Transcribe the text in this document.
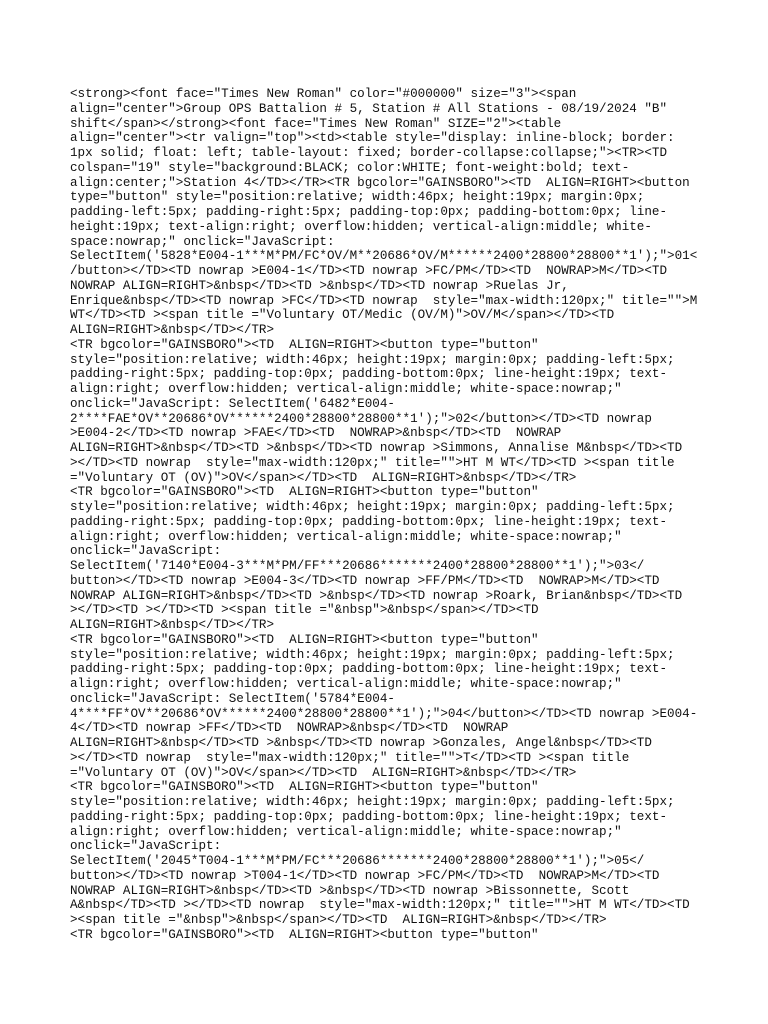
<strong><font face="Times New Roman" color="#000000" size="3"><span
align="center">Group OPS Battalion # 5, Station # All Stations - 08/19/2024 "B"
shift</span></strong><font face="Times New Roman" SIZE="2"><table
align="center"><tr valign="top"><td><table style="display: inline-block; border:
1px solid; float: left; table-layout: fixed; border-collapse:collapse;"><TR><TD
colspan="19" style="background:BLACK; color:WHITE; font-weight:bold; text-
align:center;">Station 4</TD></TR><TR bgcolor="GAINSBORO"><TD  ALIGN=RIGHT><button
type="button" style="position:relative; width:46px; height:19px; margin:0px;
padding-left:5px; padding-right:5px; padding-top:0px; padding-bottom:0px; line-
height:19px; text-align:right; overflow:hidden; vertical-align:middle; white-
space:nowrap;" onclick="JavaScript:
SelectItem('5828*E004-1***M*PM/FC*OV/M**20686*OV/M******2400*28800*28800**1');">01<
/button></TD><TD nowrap >E004-1</TD><TD nowrap >FC/PM</TD><TD  NOWRAP>M</TD><TD
NOWRAP ALIGN=RIGHT>&nbsp</TD><TD >&nbsp</TD><TD nowrap >Ruelas Jr,
Enrique&nbsp</TD><TD nowrap >FC</TD><TD nowrap  style="max-width:120px;" title="">M
WT</TD><TD ><span title ="Voluntary OT/Medic (OV/M)">OV/M</span></TD><TD
ALIGN=RIGHT>&nbsp</TD></TR>
<TR bgcolor="GAINSBORO"><TD  ALIGN=RIGHT><button type="button"
style="position:relative; width:46px; height:19px; margin:0px; padding-left:5px;
padding-right:5px; padding-top:0px; padding-bottom:0px; line-height:19px; text-
align:right; overflow:hidden; vertical-align:middle; white-space:nowrap;"
onclick="JavaScript: SelectItem('6482*E004-
2****FAE*OV**20686*OV******2400*28800*28800**1');">02</button></TD><TD nowrap
>E004-2</TD><TD nowrap >FAE</TD><TD  NOWRAP>&nbsp</TD><TD  NOWRAP
ALIGN=RIGHT>&nbsp</TD><TD >&nbsp</TD><TD nowrap >Simmons, Annalise M&nbsp</TD><TD
></TD><TD nowrap  style="max-width:120px;" title="">HT M WT</TD><TD ><span title
="Voluntary OT (OV)">OV</span></TD><TD  ALIGN=RIGHT>&nbsp</TD></TR>
<TR bgcolor="GAINSBORO"><TD  ALIGN=RIGHT><button type="button"
style="position:relative; width:46px; height:19px; margin:0px; padding-left:5px;
padding-right:5px; padding-top:0px; padding-bottom:0px; line-height:19px; text-
align:right; overflow:hidden; vertical-align:middle; white-space:nowrap;"
onclick="JavaScript:
SelectItem('7140*E004-3***M*PM/FF***20686*******2400*28800*28800**1');">03</
button></TD><TD nowrap >E004-3</TD><TD nowrap >FF/PM</TD><TD  NOWRAP>M</TD><TD
NOWRAP ALIGN=RIGHT>&nbsp</TD><TD >&nbsp</TD><TD nowrap >Roark, Brian&nbsp</TD><TD
></TD><TD ></TD><TD ><span title ="&nbsp">&nbsp</span></TD><TD
ALIGN=RIGHT>&nbsp</TD></TR>
<TR bgcolor="GAINSBORO"><TD  ALIGN=RIGHT><button type="button"
style="position:relative; width:46px; height:19px; margin:0px; padding-left:5px;
padding-right:5px; padding-top:0px; padding-bottom:0px; line-height:19px; text-
align:right; overflow:hidden; vertical-align:middle; white-space:nowrap;"
onclick="JavaScript: SelectItem('5784*E004-
4****FF*OV**20686*OV******2400*28800*28800**1');">04</button></TD><TD nowrap >E004-
4</TD><TD nowrap >FF</TD><TD  NOWRAP>&nbsp</TD><TD  NOWRAP
ALIGN=RIGHT>&nbsp</TD><TD >&nbsp</TD><TD nowrap >Gonzales, Angel&nbsp</TD><TD
></TD><TD nowrap  style="max-width:120px;" title="">T</TD><TD ><span title
="Voluntary OT (OV)">OV</span></TD><TD  ALIGN=RIGHT>&nbsp</TD></TR>
<TR bgcolor="GAINSBORO"><TD  ALIGN=RIGHT><button type="button"
style="position:relative; width:46px; height:19px; margin:0px; padding-left:5px;
padding-right:5px; padding-top:0px; padding-bottom:0px; line-height:19px; text-
align:right; overflow:hidden; vertical-align:middle; white-space:nowrap;"
onclick="JavaScript:
SelectItem('2045*T004-1***M*PM/FC***20686*******2400*28800*28800**1');">05</
button></TD><TD nowrap >T004-1</TD><TD nowrap >FC/PM</TD><TD  NOWRAP>M</TD><TD
NOWRAP ALIGN=RIGHT>&nbsp</TD><TD >&nbsp</TD><TD nowrap >Bissonnette, Scott
A&nbsp</TD><TD ></TD><TD nowrap  style="max-width:120px;" title="">HT M WT</TD><TD
><span title ="&nbsp">&nbsp</span></TD><TD  ALIGN=RIGHT>&nbsp</TD></TR>
<TR bgcolor="GAINSBORO"><TD  ALIGN=RIGHT><button type="button"
